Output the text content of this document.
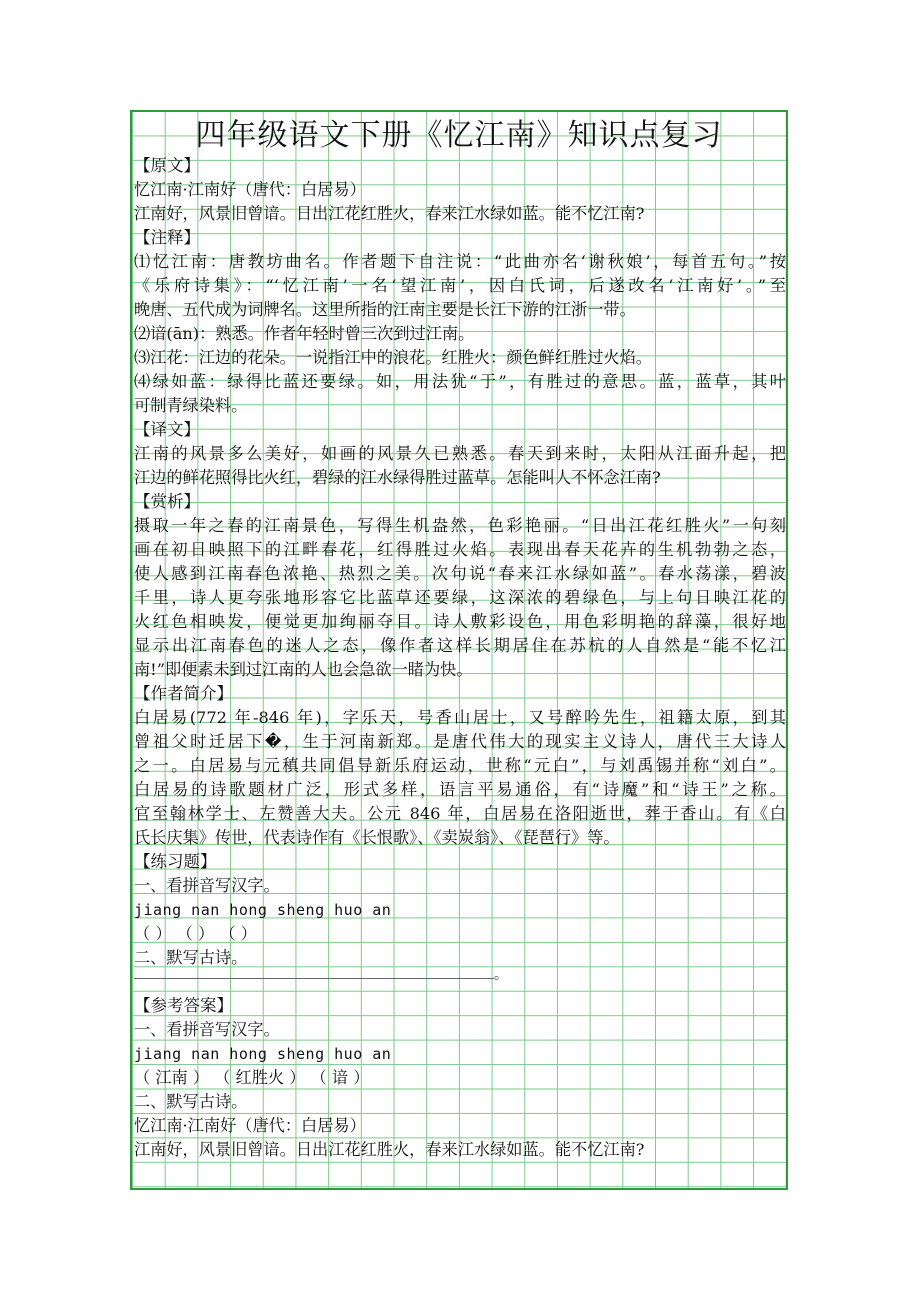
四年级语文下册《忆江南》知识点复习
【原文】
忆江南·江南好（唐代：白居易）
江南好，风景旧曾谙。日出江花红胜火，春来江水绿如蓝。能不忆江南?
【注释】
⑴忆江南：唐教坊曲名。作者题下自注说：“此曲亦名‘谢秋娘’，每首五句。”按
《乐府诗集》：“‘忆江南’一名‘望江南’，因白氏词，后遂改名‘江南好’。”至
晚唐、五代成为词牌名。这里所指的江南主要是长江下游的江浙一带。
⑵谙(ān)：熟悉。作者年轻时曾三次到过江南。
⑶江花：江边的花朵。一说指江中的浪花。红胜火：颜色鲜红胜过火焰。
⑷绿如蓝：绿得比蓝还要绿。如，用法犹“于”，有胜过的意思。蓝，蓝草，其叶
可制青绿染料。
【译文】
江南的风景多么美好，如画的风景久已熟悉。春天到来时，太阳从江面升起，把
江边的鲜花照得比火红，碧绿的江水绿得胜过蓝草。怎能叫人不怀念江南?
【赏析】
摄取一年之春的江南景色，写得生机盎然，色彩艳丽。“日出江花红胜火”一句刻
画在初日映照下的江畔春花，红得胜过火焰。表现出春天花卉的生机勃勃之态，
使人感到江南春色浓艳、热烈之美。次句说“春来江水绿如蓝”。春水荡漾，碧波
千里，诗人更夸张地形容它比蓝草还要绿，这深浓的碧绿色，与上句日映江花的
火红色相映发，便觉更加绚丽夺目。诗人敷彩设色，用色彩明艳的辞藻，很好地
显示出江南春色的迷人之态，像作者这样长期居住在苏杭的人自然是“能不忆江
南!”即便素未到过江南的人也会急欲一睹为快。
【作者简介】
白居易(772 年-846 年)，字乐天，号香山居士，又号醉吟先生，祖籍太原，到其
曾祖父时迁居下�，生于河南新郑。是唐代伟大的现实主义诗人，唐代三大诗人
之一。白居易与元稹共同倡导新乐府运动，世称“元白”，与刘禹锡并称“刘白”。
白居易的诗歌题材广泛，形式多样，语言平易通俗，有“诗魔”和“诗王”之称。
官至翰林学士、左赞善大夫。公元 846 年，白居易在洛阳逝世，葬于香山。有《白
氏长庆集》传世，代表诗作有《长恨歌》、《卖炭翁》、《琵琶行》等。
【练习题】
一、看拼音写汉字。
jiang nan hong sheng huo an
（ ） （ ） （ ）
二、默写古诗。
。
【参考答案】
一、看拼音写汉字。
jiang nan hong sheng huo an
（ 江南 ） （ 红胜火 ） （ 谙 ）
二、默写古诗。
忆江南·江南好（唐代：白居易）
江南好，风景旧曾谙。日出江花红胜火，春来江水绿如蓝。能不忆江南?
